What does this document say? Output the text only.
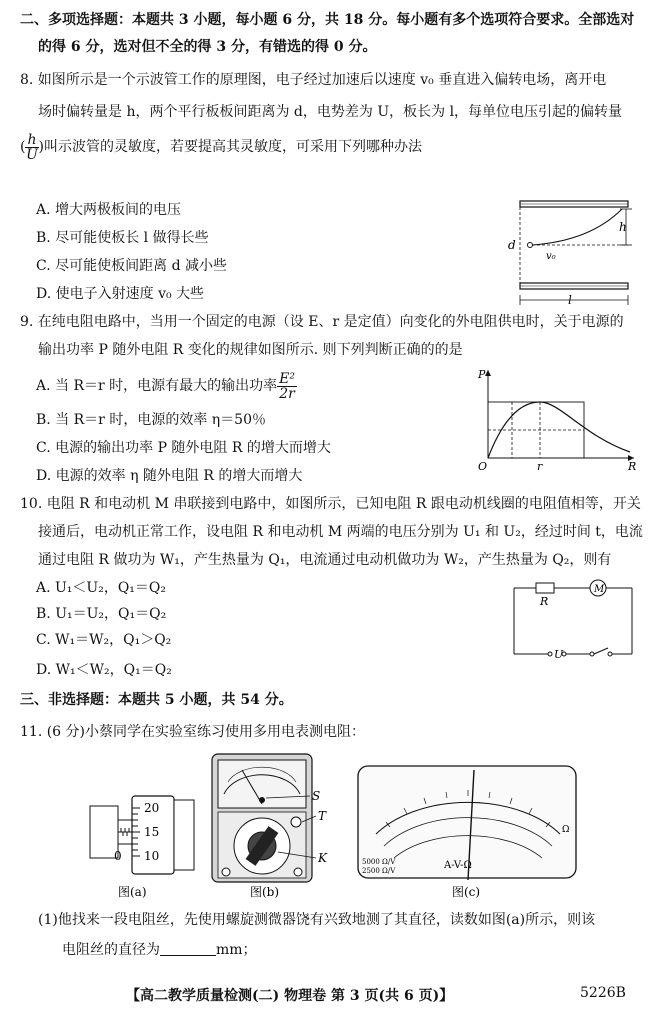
二、多项选择题：本题共 3 小题，每小题 6 分，共 18 分。每小题有多个选项符合要求。全部选对
的得 6 分，选对但不全的得 3 分，有错选的得 0 分。
8. 如图所示是一个示波管工作的原理图，电子经过加速后以速度 v₀ 垂直进入偏转电场，离开电
场时偏转量是 h，两个平行板板间距离为 d，电势差为 U，板长为 l，每单位电压引起的偏转量
( $\frac{h}{U}$ )叫示波管的灵敏度，若要提高其灵敏度，可采用下列哪种办法
A. 增大两极板间的电压
B. 尽可能使板长 l 做得长些
C. 尽可能使板间距离 d 减小些
D. 使电子入射速度 v₀ 大些
h
d
v₀
l
9. 在纯电阻电路中，当用一个固定的电源（设 E、r 是定值）向变化的外电阻供电时，关于电源的
输出功率 P 随外电阻 R 变化的规律如图所示. 则下列判断正确的的是
A. 当 R＝r 时，电源有最大的输出功率 $\frac{\text{E²}}{2r}$
B. 当 R＝r 时，电源的效率 η＝50％
C. 电源的输出功率 P 随外电阻 R 的增大而增大
D. 电源的效率 η 随外电阻 R 的增大而增大
P
R
O	r
10. 电阻 R 和电动机 M 串联接到电路中，如图所示，已知电阻 R 跟电动机线圈的电阻值相等，开关
接通后，电动机正常工作，设电阻 R 和电动机 M 两端的电压分别为 U₁ 和 U₂，经过时间 t，电流
通过电阻 R 做功为 W₁，产生热量为 Q₁，电流通过电动机做功为 W₂，产生热量为 Q₂，则有
A. U₁＜U₂，Q₁＝Q₂
B. U₁＝U₂，Q₁＝Q₂
C. W₁＝W₂，Q₁＞Q₂
D. W₁＜W₂，Q₁＝Q₂
R
M
U
三、非选择题：本题共 5 小题，共 54 分。
11. (6 分)小蔡同学在实验室练习使用多用电表测电阻：
20
15
10
0
图(a)
S
T
K
图(b)
A-V-Ω
5000 Ω/V
2500 Ω/V
Ω
图(c)
(1)他找来一段电阻丝，先使用螺旋测微器饶有兴致地测了其直径，读数如图(a)所示，则该
电阻丝的直径为	mm；
【高二教学质量检测(二) 物理卷 第 3 页(共 6 页)】	5226B
